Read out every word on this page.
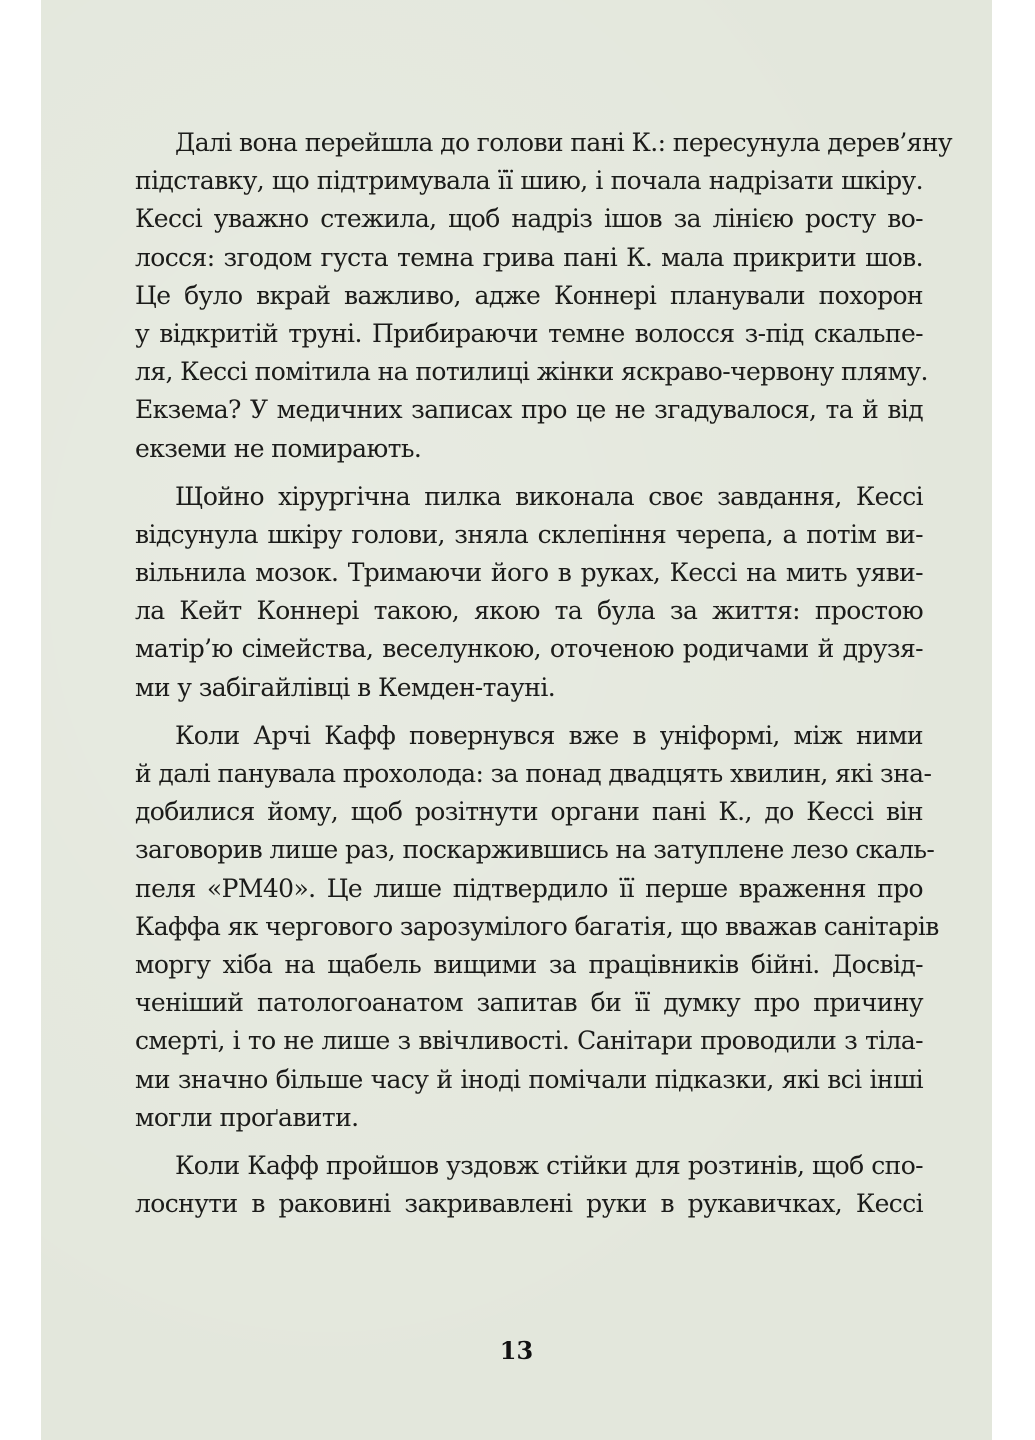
Далі вона перейшла до голови пані К.: пересунула дерев’яну
підставку, що підтримувала її шию, і почала надрізати шкіру.
Кессі уважно стежила, щоб надріз ішов за лінією росту во-
лосся: згодом густа темна грива пані К. мала прикрити шов.
Це було вкрай важливо, адже Коннері планували похорон
у відкритій труні. Прибираючи темне волосся з-під скальпе-
ля, Кессі помітила на потилиці жінки яскраво-червону пляму.
Екзема? У медичних записах про це не згадувалося, та й від
екземи не помирають.
Щойно хірургічна пилка виконала своє завдання, Кессі
відсунула шкіру голови, зняла склепіння черепа, а потім ви-
вільнила мозок. Тримаючи його в руках, Кессі на мить уяви-
ла Кейт Коннері такою, якою та була за життя: простою
матір’ю сімейства, веселункою, оточеною родичами й друзя-
ми у забігайлівці в Кемден-тауні.
Коли Арчі Кафф повернувся вже в уніформі, між ними
й далі панувала прохолода: за понад двадцять хвилин, які зна-
добилися йому, щоб розітнути органи пані К., до Кессі він
заговорив лише раз, поскаржившись на затуплене лезо скаль-
пеля «PM40». Це лише підтвердило її перше враження про
Каффа як чергового зарозумілого багатія, що вважав санітарів
моргу хіба на щабель вищими за працівників бійні. Досвід-
ченіший патологоанатом запитав би її думку про причину
смерті, і то не лише з ввічливості. Санітари проводили з тіла-
ми значно більше часу й іноді помічали підказки, які всі інші
могли проґавити.
Коли Кафф пройшов уздовж стійки для розтинів, щоб спо-
лоснути в раковині закривавлені руки в рукавичках, Кессі
13
